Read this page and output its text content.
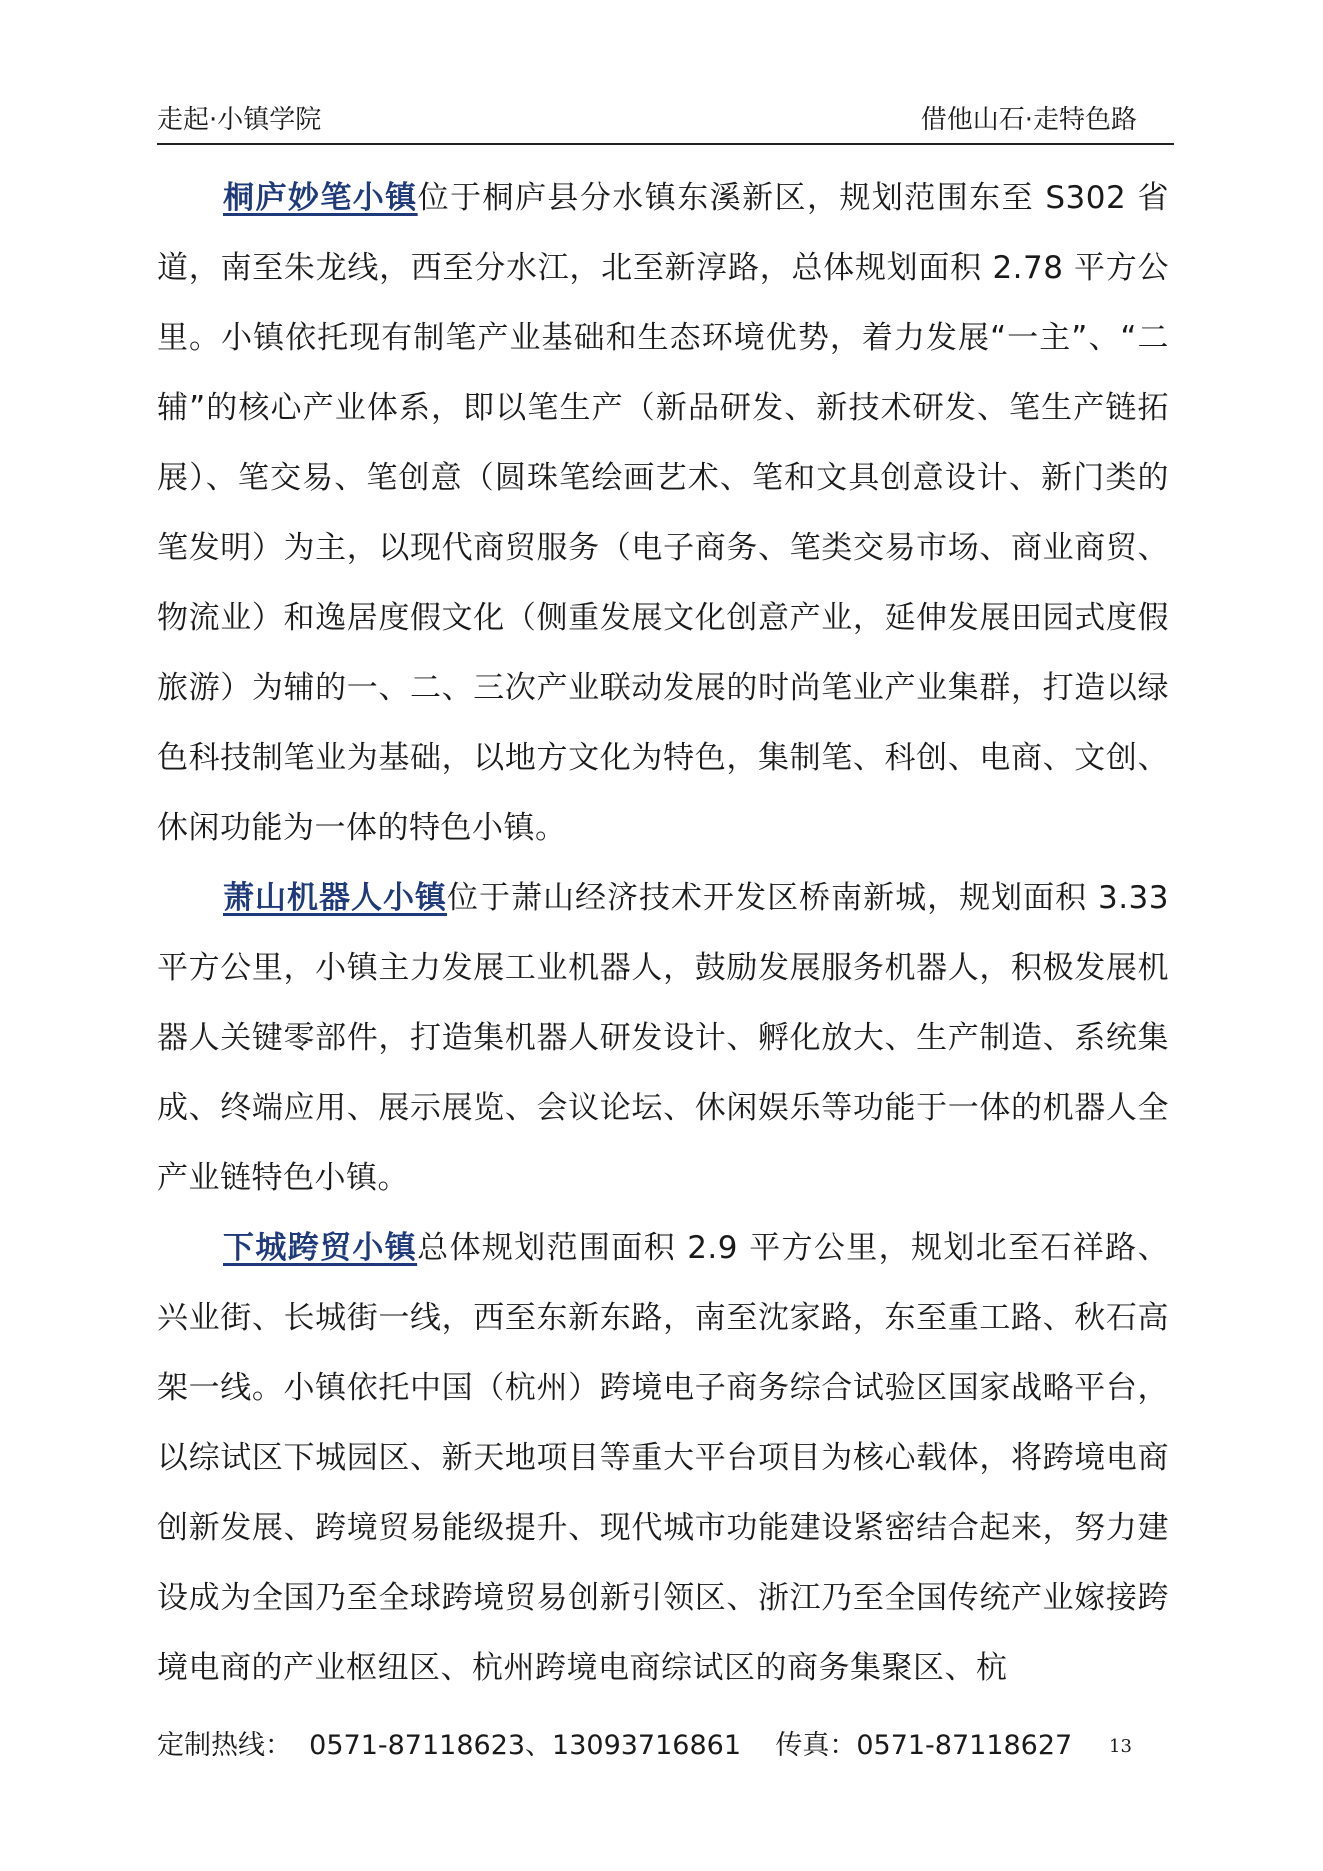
走起·小镇学院	借他山石·走特色路

桐庐妙笔小镇位于桐庐县分水镇东溪新区，规划范围东至 S302 省道，南至朱龙线，西至分水江，北至新淳路，总体规划面积 2.78 平方公里。小镇依托现有制笔产业基础和生态环境优势，着力发展“一主”、“二辅”的核心产业体系，即以笔生产（新品研发、新技术研发、笔生产链拓展）、笔交易、笔创意（圆珠笔绘画艺术、笔和文具创意设计、新门类的笔发明）为主，以现代商贸服务（电子商务、笔类交易市场、商业商贸、物流业）和逸居度假文化（侧重发展文化创意产业，延伸发展田园式度假旅游）为辅的一、二、三次产业联动发展的时尚笔业产业集群，打造以绿色科技制笔业为基础，以地方文化为特色，集制笔、科创、电商、文创、休闲功能为一体的特色小镇。

萧山机器人小镇位于萧山经济技术开发区桥南新城，规划面积 3.33 平方公里，小镇主力发展工业机器人，鼓励发展服务机器人，积极发展机器人关键零部件，打造集机器人研发设计、孵化放大、生产制造、系统集成、终端应用、展示展览、会议论坛、休闲娱乐等功能于一体的机器人全产业链特色小镇。

下城跨贸小镇总体规划范围面积 2.9 平方公里，规划北至石祥路、兴业街、长城街一线，西至东新东路，南至沈家路，东至重工路、秋石高架一线。小镇依托中国（杭州）跨境电子商务综合试验区国家战略平台，以综试区下城园区、新天地项目等重大平台项目为核心载体，将跨境电商创新发展、跨境贸易能级提升、现代城市功能建设紧密结合起来，努力建设成为全国乃至全球跨境贸易创新引领区、浙江乃至全国传统产业嫁接跨境电商的产业枢纽区、杭州跨境电商综试区的商务集聚区、杭

定制热线：  0571-87118623、13093716861    传真：0571-87118627 13
